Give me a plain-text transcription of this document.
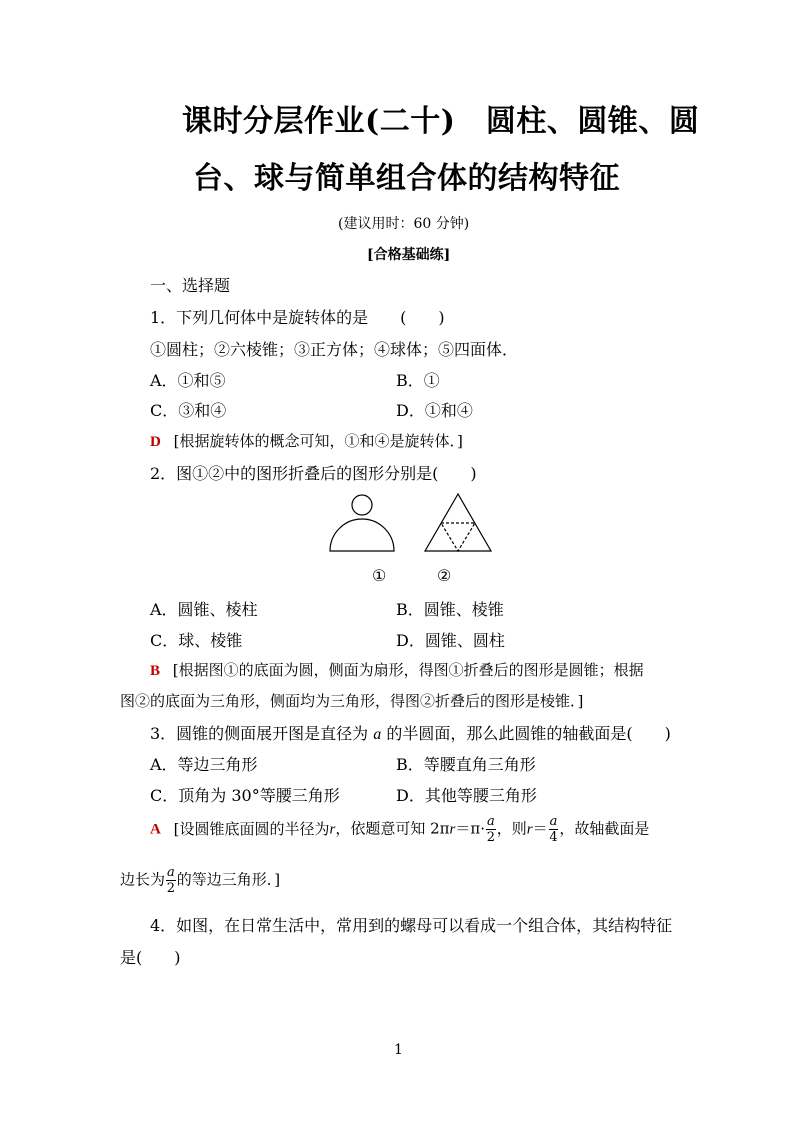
课时分层作业(二十)　圆柱、圆锥、圆
台、球与简单组合体的结构特征
(建议用时：60 分钟)
[合格基础练]
一、选择题
1．下列几何体中是旋转体的是　　(　　)
①圆柱；②六棱锥；③正方体；④球体；⑤四面体．
A．①和⑤	B．①
C．③和④	D．①和④
D [根据旋转体的概念可知，①和④是旋转体．]
2．图①②中的图形折叠后的图形分别是(　　)
①	②
A．圆锥、棱柱	B．圆锥、棱锥
C．球、棱锥	D．圆锥、圆柱
B [根据图①的底面为圆，侧面为扇形，得图①折叠后的图形是圆锥；根据
图②的底面为三角形，侧面均为三角形，得图②折叠后的图形是棱锥．]
3．圆锥的侧面展开图是直径为 a 的半圆面，那么此圆锥的轴截面是(　　)
A．等边三角形	B．等腰直角三角形
C．顶角为 30°等腰三角形	D．其他等腰三角形
A [设圆锥底面圆的半径为r，依题意可知 $2\pi r=\pi\cdot \frac{a}{2}$ ，则$r= \frac{a}{4}$ ，故轴截面是
边长为 $\frac{a}{2}$ 的等边三角形．]
4．如图，在日常生活中，常用到的螺母可以看成一个组合体，其结构特征
是(　　)
1
